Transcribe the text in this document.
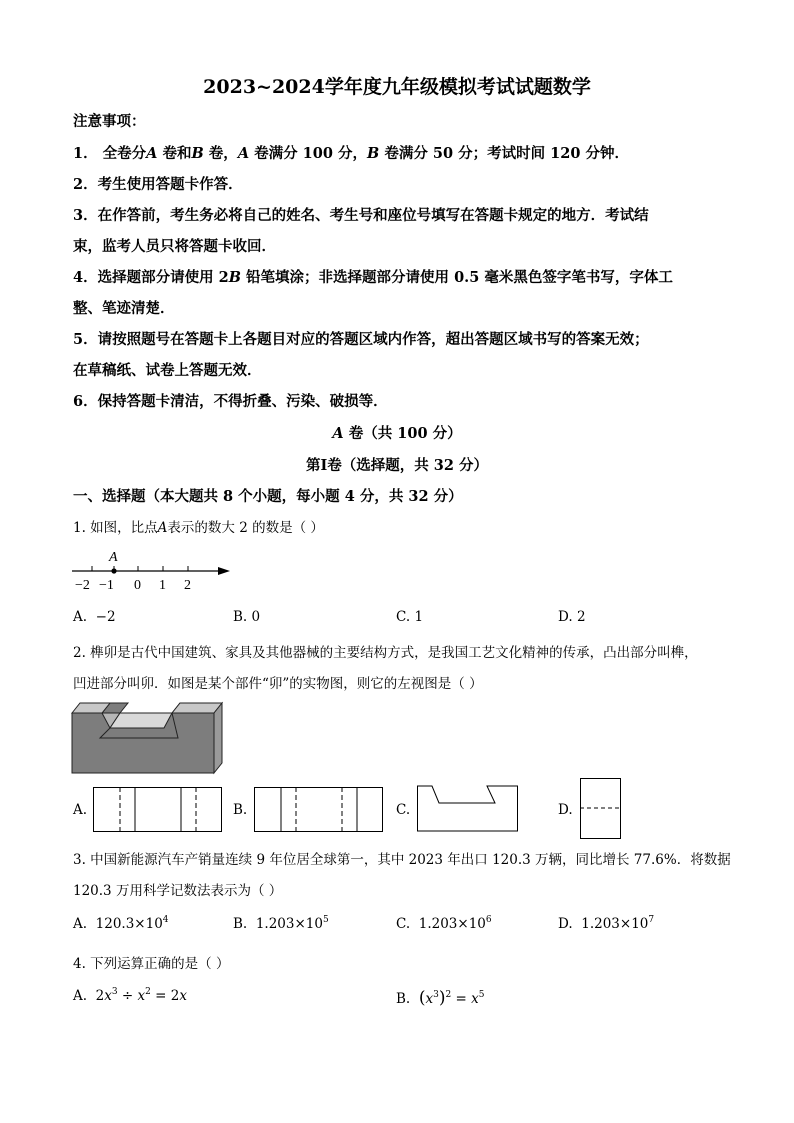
2023~2024学年度九年级模拟考试试题数学
注意事项：
1． 全卷分A 卷和B 卷，A 卷满分 100 分，B 卷满分 50 分；考试时间 120 分钟．
2．考生使用答题卡作答．
3．在作答前，考生务必将自己的姓名、考生号和座位号填写在答题卡规定的地方．考试结
束，监考人员只将答题卡收回．
4．选择题部分请使用 2B 铅笔填涂；非选择题部分请使用 0.5 毫米黑色签字笔书写，字体工
整、笔迹清楚．
5．请按照题号在答题卡上各题目对应的答题区域内作答，超出答题区域书写的答案无效；
在草稿纸、试卷上答题无效．
6．保持答题卡清洁，不得折叠、污染、破损等．
A 卷（共 100 分）
第Ⅰ卷（选择题，共 32 分）
一、选择题（本大题共 8 个小题，每小题 4 分，共 32 分）
1. 如图，比点A表示的数大 2 的数是（ ）
A
−2 −1 0 1 2
A. −2	B. 0	C. 1	D. 2
2. 榫卯是古代中国建筑、家具及其他器械的主要结构方式，是我国工艺文化精神的传承，凸出部分叫榫，
凹进部分叫卯．如图是某个部件“卯”的实物图，则它的左视图是（ ）
A.	B.	C.	D.
3. 中国新能源汽车产销量连续 9 年位居全球第一，其中 2023 年出口 120.3 万辆，同比增长 77.6%．将数据
120.3 万用科学记数法表示为（ ）
A. $120.3\times 10^4$	B. $1.203\times 10^5$	C. $1.203\times 10^6$	D. $1.203\times 10^7$
4. 下列运算正确的是（ ）
A. $2x^3 \div x^2 = 2x$	B. $(x^3)^2 = x^5$
